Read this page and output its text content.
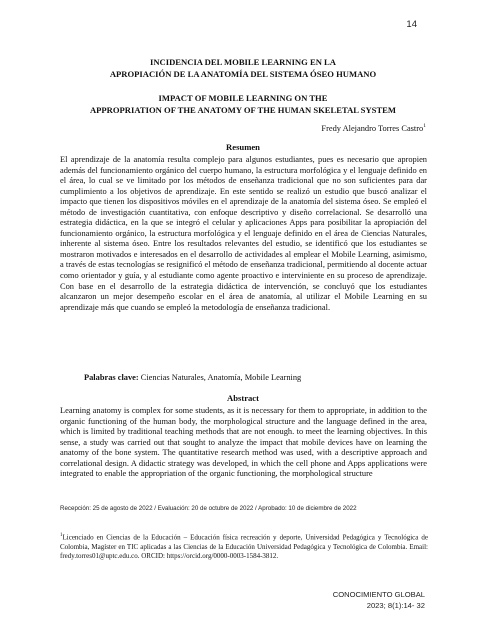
14
INCIDENCIA DEL MOBILE LEARNING EN LA
APROPIACIÓN DE LA ANATOMÍA DEL SISTEMA ÓSEO HUMANO
IMPACT OF MOBILE LEARNING ON THE
APPROPRIATION OF THE ANATOMY OF THE HUMAN SKELETAL SYSTEM
Fredy Alejandro Torres Castro$^1$
Resumen
El aprendizaje de la anatomía resulta complejo para algunos estudiantes, pues es necesario que apropien además del funcionamiento orgánico del cuerpo humano, la estructura morfológica y el lenguaje definido en el área, lo cual se ve limitado por los métodos de enseñanza tradicional que no son suficientes para dar cumplimiento a los objetivos de aprendizaje. En este sentido se realizó un estudio que buscó analizar el impacto que tienen los dispositivos móviles en el aprendizaje de la anatomía del sistema óseo. Se empleó el método de investigación cuantitativa, con enfoque descriptivo y diseño correlacional. Se desarrolló una estrategia didáctica, en la que se integró el celular y aplicaciones Apps para posibilitar la apropiación del funcionamiento orgánico, la estructura morfológica y el lenguaje definido en el área de Ciencias Naturales, inherente al sistema óseo. Entre los resultados relevantes del estudio, se identificó que los estudiantes se mostraron motivados e interesados en el desarrollo de actividades al emplear el Mobile Learning, asimismo, a través de estas tecnologías se resignificó el método de enseñanza tradicional, permitiendo al docente actuar como orientador y guía, y al estudiante como agente proactivo e interviniente en su proceso de aprendizaje. Con base en el desarrollo de la estrategia didáctica de intervención, se concluyó que los estudiantes alcanzaron un mejor desempeño escolar en el área de anatomía, al utilizar el Mobile Learning en su aprendizaje más que cuando se empleó la metodología de enseñanza tradicional.
Palabras clave: Ciencias Naturales, Anatomía, Mobile Learning
Abstract
Learning anatomy is complex for some students, as it is necessary for them to appropriate, in addition to the organic functioning of the human body, the morphological structure and the language defined in the area, which is limited by traditional teaching methods that are not enough. to meet the learning objectives. In this sense, a study was carried out that sought to analyze the impact that mobile devices have on learning the anatomy of the bone system. The quantitative research method was used, with a descriptive approach and correlational design. A didactic strategy was developed, in which the cell phone and Apps applications were integrated to enable the appropriation of the organic functioning, the morphological structure
Recepción: 25 de agosto de 2022 / Evaluación: 20 de octubre de 2022 / Aprobado: 10 de diciembre de 2022
$^1$Licenciado en Ciencias de la Educación – Educación física recreación y deporte, Universidad Pedagógica y Tecnológica de Colombia, Magíster en TIC aplicadas a las Ciencias de la Educación Universidad Pedagógica y Tecnológica de Colombia. Email: fredy.torres01@uptc.edu.co. ORCID: https://orcid.org/0000-0003-1584-3812.
CONOCIMIENTO GLOBAL
2023; 8(1):14- 32
